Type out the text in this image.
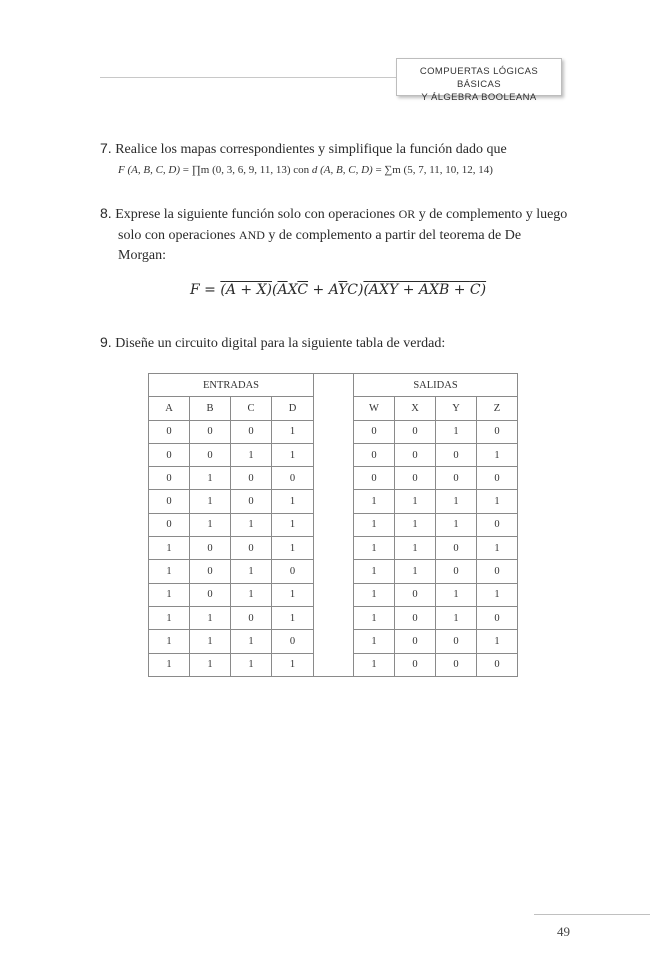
COMPUERTAS LÓGICAS BÁSICAS
Y ÁLGEBRA BOOLEANA
7. Realice los mapas correspondientes y simplifique la función dado que
F (A, B, C, D) = ∏m (0, 3, 6, 9, 11, 13) con d (A, B, C, D) = ∑m (5, 7, 11, 10, 12, 14)
8. Exprese la siguiente función solo con operaciones OR y de complemento y luego solo con operaciones AND y de complemento a partir del teorema de De Morgan:
$F = (A + X)(\overline{A}X\overline{C} + A\overline{Y}C)(AXY$ + AXB + C)
9. Diseñe un circuito digital para la siguiente tabla de verdad:
ENTRADAS					SALIDAS			
A	B	C	D		W	X	Y	Z
0	0	0	1		0	0	1	0
0	0	1	1		0	0	0	1
0	1	0	0		0	0	0	0
0	1	0	1		1	1	1	1
0	1	1	1		1	1	1	0
1	0	0	1		1	1	0	1
1	0	1	0		1	1	0	0
1	0	1	1		1	0	1	1
1	1	0	1		1	0	1	0
1	1	1	0		1	0	0	1
1	1	1	1		1	0	0	0
49
